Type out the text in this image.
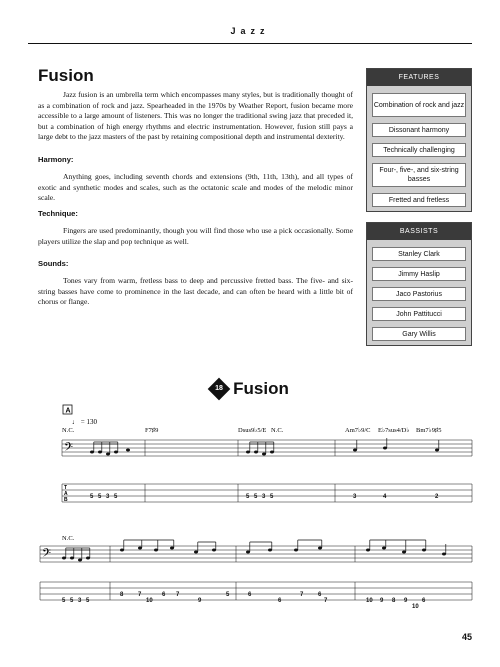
Jazz
Fusion

Jazz fusion is an umbrella term which encompasses many styles, but is traditionally thought of as a combination of rock and jazz. Spearheaded in the 1970s by Weather Report, fusion became more accessible to a large amount of listeners. This was no longer the traditional swing jazz that preceded it, but a combination of high energy rhythms and electric instrumentation. However, fusion still pays a large debt to the jazz masters of the past by retaining compositional depth and instrumental dexterity.

Harmony:

Anything goes, including seventh chords and extensions (9th, 11th, 13th), and all types of exotic and synthetic modes and scales, such as the octatonic scale and modes of the melodic minor scale.

Technique:

Fingers are used predominantly, though you will find those who use a pick occasionally. Some players utilize the slap and pop technique as well.

Sounds:

Tones vary from warm, fretless bass to deep and percussive fretted bass. The five- and six-string basses have come to prominence in the last decade, and can often be heard with a little bit of chorus or flange.

FEATURES
Combination of rock and jazz
Dissonant harmony
Technically challenging
Four-, five-, and six-string basses
Fretted and fretless
BASSISTS
Stanley Clark
Jimmy Haslip
Jaco Pastorius
John Pattitucci
Gary Willis
18 Fusion
A
♩ = 130
N.C.	F7♯9	Dsus9♭5/E N.C.	Am7♭9/C E♭7sus4/D♭ Bm7♭9♯5
𝄢
T
A
B	5 5 3 5	5 5 3 5	3	4	2
N.C.
𝄢
5 5 3 5
8 7
10
6 7
9
5	6
6
7 6
7	10 9 8 9 6
10
45
